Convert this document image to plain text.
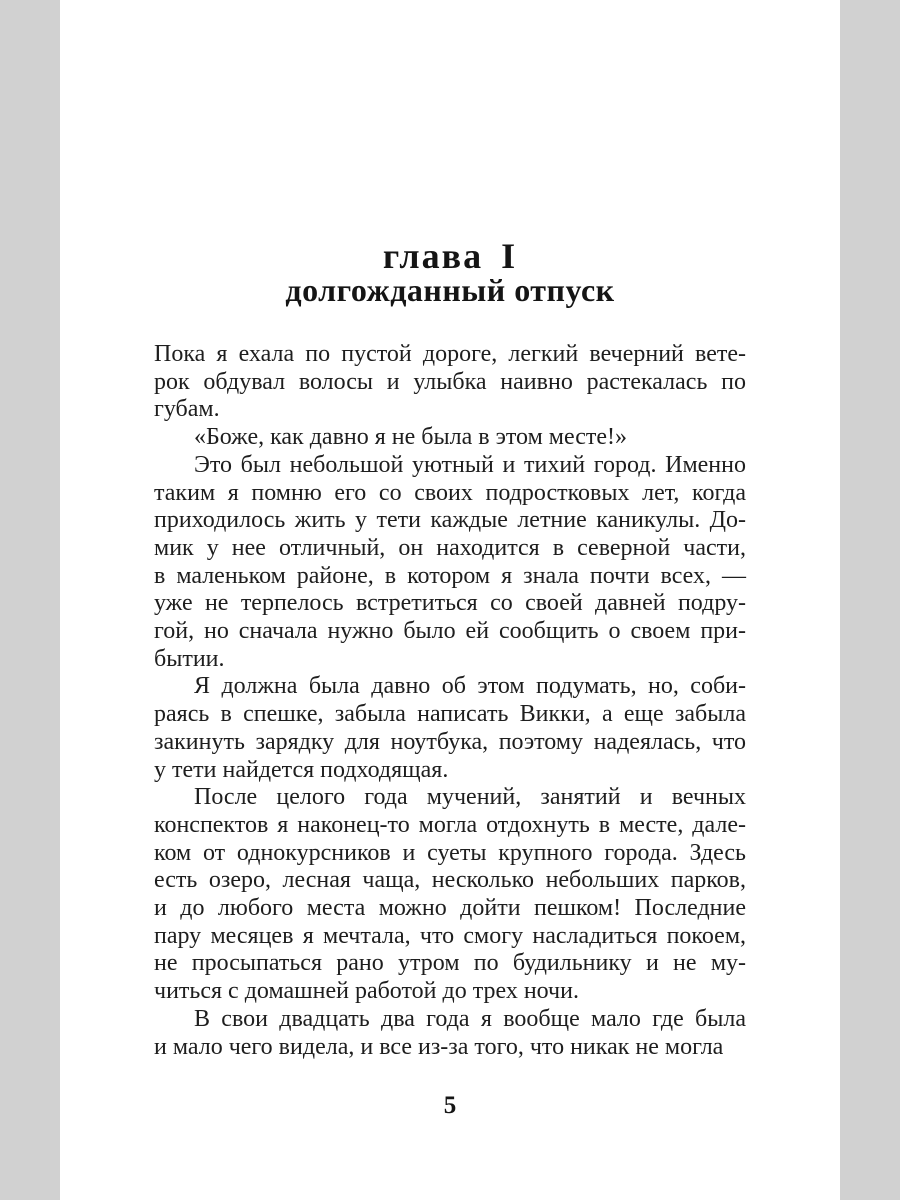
глава I
долгожданный отпуск
Пока я ехала по пустой дороге, легкий вечерний вете-
рок обдувал волосы и улыбка наивно растекалась по
губам.
«Боже, как давно я не была в этом месте!»
Это был небольшой уютный и тихий город. Именно
таким я помню его со своих подростковых лет, когда
приходилось жить у тети каждые летние каникулы. До-
мик у нее отличный, он находится в северной части,
в маленьком районе, в котором я знала почти всех, —
уже не терпелось встретиться со своей давней подру-
гой, но сначала нужно было ей сообщить о своем при-
бытии.
Я должна была давно об этом подумать, но, соби-
раясь в спешке, забыла написать Викки, а еще забыла
закинуть зарядку для ноутбука, поэтому надеялась, что
у тети найдется подходящая.
После целого года мучений, занятий и вечных
конспектов я наконец-то могла отдохнуть в месте, дале-
ком от однокурсников и суеты крупного города. Здесь
есть озеро, лесная чаща, несколько небольших парков,
и до любого места можно дойти пешком! Последние
пару месяцев я мечтала, что смогу насладиться покоем,
не просыпаться рано утром по будильнику и не му-
читься с домашней работой до трех ночи.
В свои двадцать два года я вообще мало где была
и мало чего видела, и все из-за того, что никак не могла
5
